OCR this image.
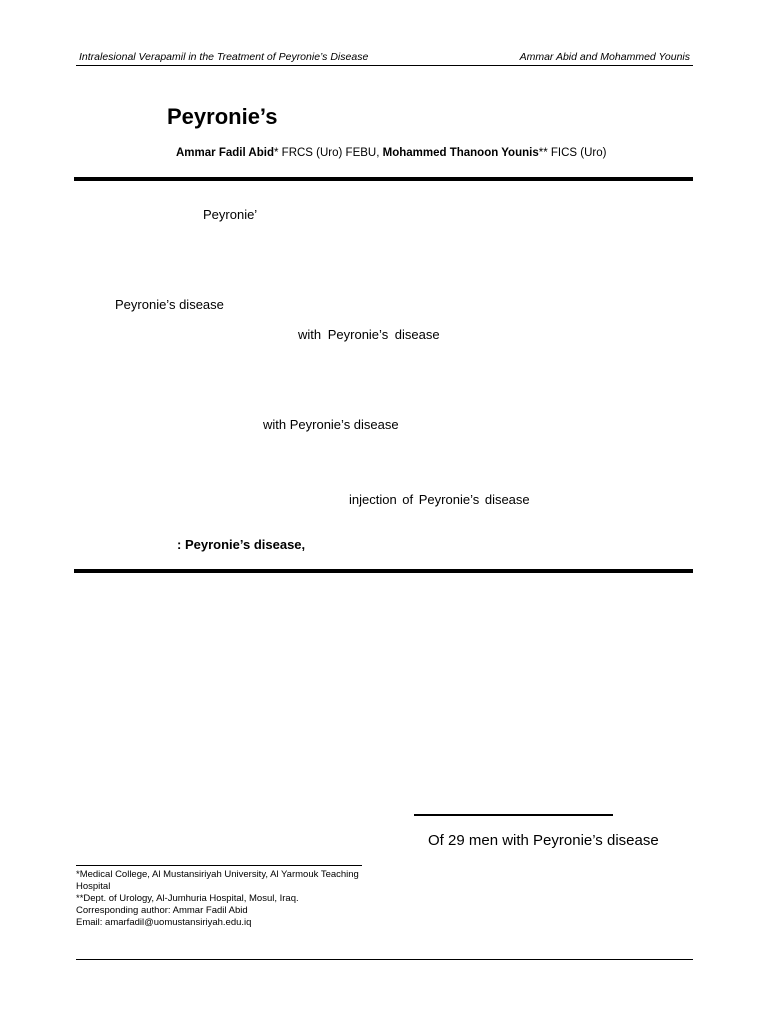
Intralesional Verapamil in the Treatment of Peyronie’s Disease	Ammar Abid and Mohammed Younis
Peyronie’s
Ammar Fadil Abid* FRCS (Uro) FEBU, Mohammed Thanoon Younis** FICS (Uro)
Peyronie’
Peyronie’s disease
with Peyronie’s disease
with Peyronie’s disease
injection of Peyronie’s disease
: Peyronie’s disease,
Of 29 men with Peyronie’s disease
*Medical College, Al Mustansiriyah University, Al Yarmouk Teaching
Hospital
**Dept. of Urology, Al-Jumhuria Hospital, Mosul, Iraq.
Corresponding author: Ammar Fadil Abid
Email: amarfadil@uomustansiriyah.edu.iq
